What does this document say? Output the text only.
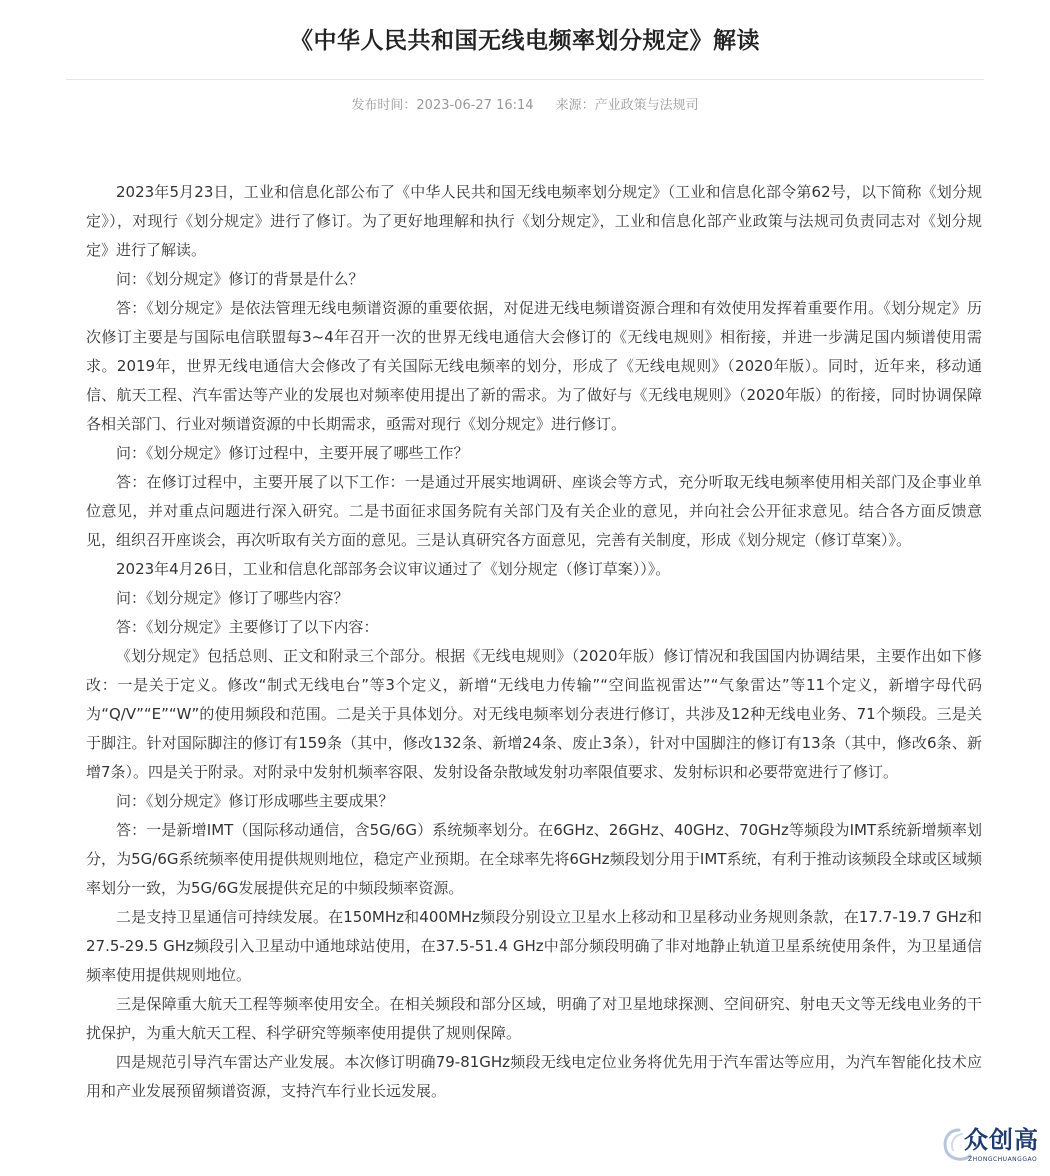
《中华人民共和国无线电频率划分规定》解读
发布时间：2023-06-27 16:14 来源：产业政策与法规司

2023年5月23日，工业和信息化部公布了《中华人民共和国无线电频率划分规定》（工业和信息化部令第62号，以下简称《划分规定》），对现行《划分规定》进行了修订。为了更好地理解和执行《划分规定》，工业和信息化部产业政策与法规司负责同志对《划分规定》进行了解读。

问：《划分规定》修订的背景是什么？

答：《划分规定》是依法管理无线电频谱资源的重要依据，对促进无线电频谱资源合理和有效使用发挥着重要作用。《划分规定》历次修订主要是与国际电信联盟每3~4年召开一次的世界无线电通信大会修订的《无线电规则》相衔接，并进一步满足国内频谱使用需求。2019年，世界无线电通信大会修改了有关国际无线电频率的划分，形成了《无线电规则》（2020年版）。同时，近年来，移动通信、航天工程、汽车雷达等产业的发展也对频率使用提出了新的需求。为了做好与《无线电规则》（2020年版）的衔接，同时协调保障各相关部门、行业对频谱资源的中长期需求，亟需对现行《划分规定》进行修订。

问：《划分规定》修订过程中，主要开展了哪些工作？

答：在修订过程中，主要开展了以下工作：一是通过开展实地调研、座谈会等方式，充分听取无线电频率使用相关部门及企事业单位意见，并对重点问题进行深入研究。二是书面征求国务院有关部门及有关企业的意见，并向社会公开征求意见。结合各方面反馈意见，组织召开座谈会，再次听取有关方面的意见。三是认真研究各方面意见，完善有关制度，形成《划分规定（修订草案）》。

2023年4月26日，工业和信息化部部务会议审议通过了《划分规定（修订草案））》。

问：《划分规定》修订了哪些内容？

答：《划分规定》主要修订了以下内容：

《划分规定》包括总则、正文和附录三个部分。根据《无线电规则》（2020年版）修订情况和我国国内协调结果，主要作出如下修改：一是关于定义。修改“制式无线电台”等3个定义，新增“无线电力传输”“空间监视雷达”“气象雷达”等11个定义，新增字母代码为“Q/V”“E”“W”的使用频段和范围。二是关于具体划分。对无线电频率划分表进行修订，共涉及12种无线电业务、71个频段。三是关于脚注。针对国际脚注的修订有159条（其中，修改132条、新增24条、废止3条），针对中国脚注的修订有13条（其中，修改6条、新增7条）。四是关于附录。对附录中发射机频率容限、发射设备杂散域发射功率限值要求、发射标识和必要带宽进行了修订。

问：《划分规定》修订形成哪些主要成果？

答：一是新增IMT（国际移动通信，含5G/6G）系统频率划分。在6GHz、26GHz、40GHz、70GHz等频段为IMT系统新增频率划分，为5G/6G系统频率使用提供规则地位，稳定产业预期。在全球率先将6GHz频段划分用于IMT系统，有利于推动该频段全球或区域频率划分一致，为5G/6G发展提供充足的中频段频率资源。

二是支持卫星通信可持续发展。在150MHz和400MHz频段分别设立卫星水上移动和卫星移动业务规则条款，在17.7-19.7 GHz和27.5-29.5 GHz频段引入卫星动中通地球站使用，在37.5-51.4 GHz中部分频段明确了非对地静止轨道卫星系统使用条件，为卫星通信频率使用提供规则地位。

三是保障重大航天工程等频率使用安全。在相关频段和部分区域，明确了对卫星地球探测、空间研究、射电天文等无线电业务的干扰保护，为重大航天工程、科学研究等频率使用提供了规则保障。

四是规范引导汽车雷达产业发展。本次修订明确79-81GHz频段无线电定位业务将优先用于汽车雷达等应用，为汽车智能化技术应用和产业发展预留频谱资源，支持汽车行业长远发展。

众创高
ZHONGCHUANGGAO
